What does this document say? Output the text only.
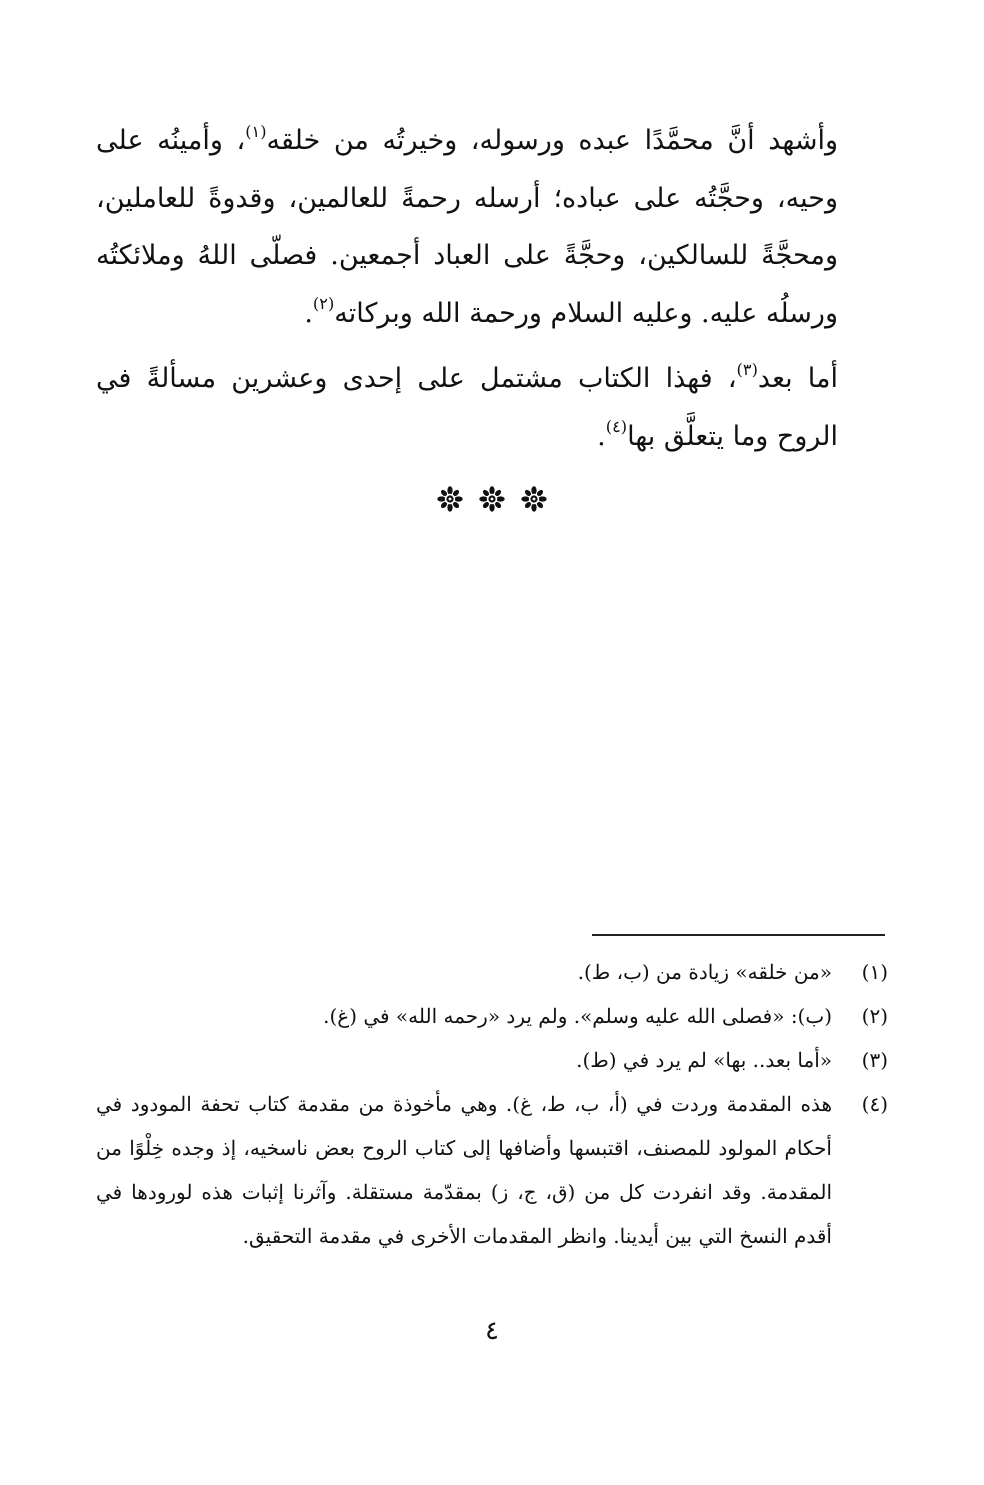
وأشهد أنَّ محمَّدًا عبده ورسوله، وخيرتُه من خلقه$^{(١)}$، وأمينُه على وحيه، وحجَّتُه على عباده؛ أرسله رحمةً للعالمين، وقدوةً للعاملين، ومحجَّةً للسالكين، وحجَّةً على العباد أجمعين. فصلّى اللهُ وملائكتُه ورسلُه عليه. وعليه السلام ورحمة الله وبركاته$^{(٢)}$.

أما بعد$^{(٣)}$، فهذا الكتاب مشتمل على إحدى وعشرين مسألةً في الروح وما يتعلَّق بها$^{(٤)}$.

(١)
«من خلقه» زيادة من (ب، ط).

(٢)
(ب): «فصلى الله عليه وسلم». ولم يرد «رحمه الله» في (غ).

(٣)
«أما بعد.. بها» لم يرد في (ط).

(٤)
هذه المقدمة وردت في (أ، ب، ط، غ). وهي مأخوذة من مقدمة كتاب تحفة المودود في أحكام المولود للمصنف، اقتبسها وأضافها إلى كتاب الروح بعض ناسخيه، إذ وجده خِلْوًا من المقدمة. وقد انفردت كل من (ق، ج، ز) بمقدّمة مستقلة. وآثرنا إثبات هذه لورودها في أقدم النسخ التي بين أيدينا. وانظر المقدمات الأخرى في مقدمة التحقيق.

٤
